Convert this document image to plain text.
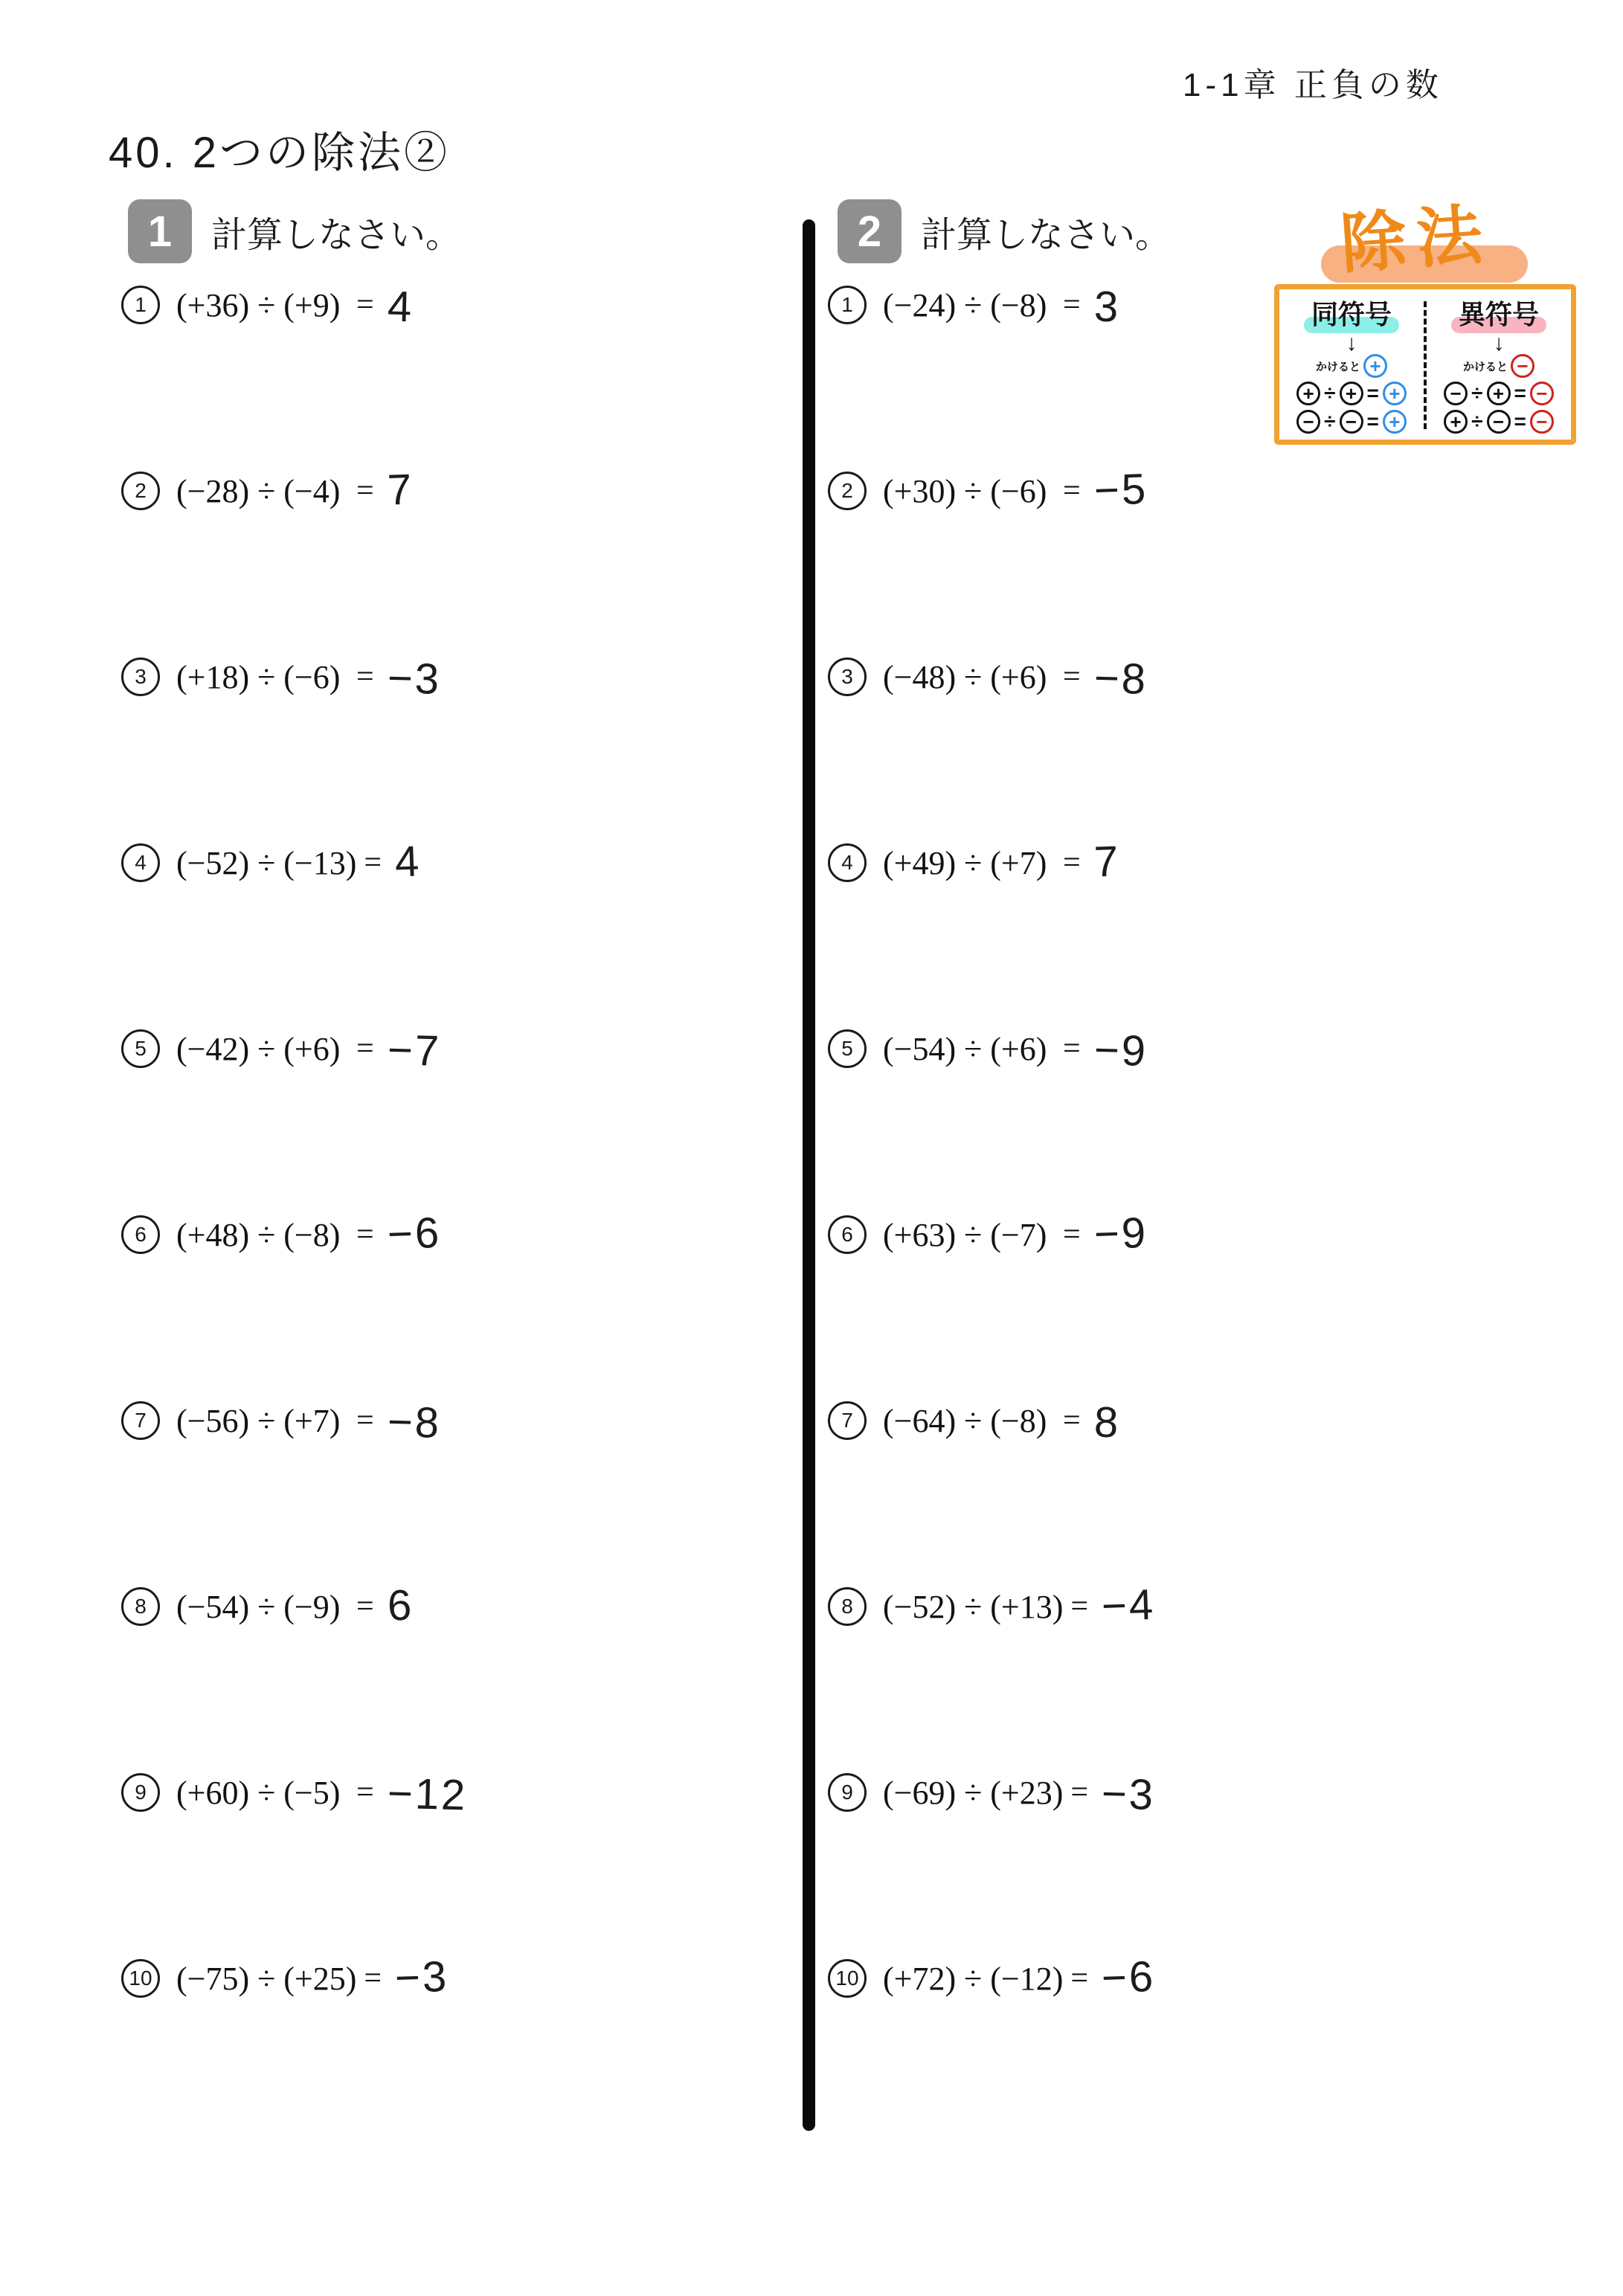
1-1章 正負の数
40. 2つの除法②
1	計算しなさい。	2	計算しなさい。
1 (+36) ÷ (+9) = 4
2 (−28) ÷ (−4) = 7
3 (+18) ÷ (−6) = −3
4 (−52) ÷ (−13) = 4
5 (−42) ÷ (+6) = −7
6 (+48) ÷ (−8) = −6
7 (−56) ÷ (+7) = −8
8 (−54) ÷ (−9) = 6
9 (+60) ÷ (−5) = −12
10 (−75) ÷ (+25) = −3
1 (−24) ÷ (−8) = 3
2 (+30) ÷ (−6) = −5
3 (−48) ÷ (+6) = −8
4 (+49) ÷ (+7) = 7
5 (−54) ÷ (+6) = −9
6 (+63) ÷ (−7) = −9
7 (−64) ÷ (−8) = 8
8 (−52) ÷ (+13) = −4
9 (−69) ÷ (+23) = −3
10 (+72) ÷ (−12) = −6
除法
同符号
↓
かけると +
+ ÷ + = +
− ÷ − = +
異符号
↓
かけると −
− ÷ + = −
+ ÷ − = −
